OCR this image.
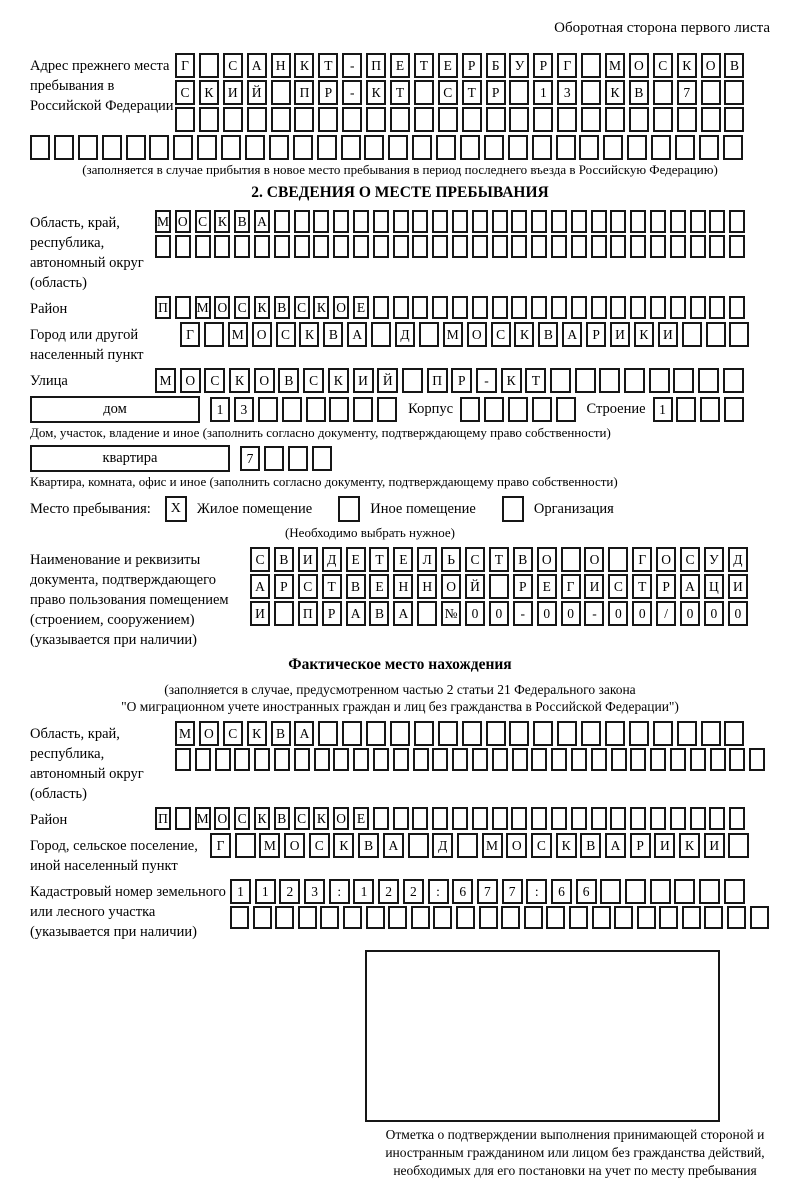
Оборотная сторона первого листа
Адрес прежнего места пребывания в Российской Федерации
Г	С	А	Н	К	Т	-	П	Е	Т	Е	Р	Б	У	Р	Г	М О	С	К	О	В
С	К	И	Й	П	Р	-	К	Т	С	Т	Р	1	3	К	В	7
(заполняется в случае прибытия в новое место пребывания в период последнего въезда в Российскую Федерацию)
2. СВЕДЕНИЯ О МЕСТЕ ПРЕБЫВАНИЯ
Область, край, республика, автономный округ (область)
М О С К В А
Район	П М О С К В С К О Е
Город или другой населенный пункт
Г	М О	С	К	В	А	Д	М О	С	К	В	А	Р	И	К	И
Улица	М	О	С	К	О	В	С	К	И	Й	П	Р	-	К	Т
дом	1	3	Корпус	Строение	1
Дом, участок, владение и иное (заполнить согласно документу, подтверждающему право собственности)
квартира	7
Квартира, комната, офис и иное (заполнить согласно документу, подтверждающему право собственности)
Место пребывания:	X	Жилое помещение	Иное помещение	Организация
(Необходимо выбрать нужное)
Наименование и реквизиты документа, подтверждающего право пользования помещением (строением, сооружением) (указывается при наличии)
С	В	И	Д	Е	Т	Е	Л	Ь	С	Т	В	О	О	Г	О	С	У	Д
А	Р	С	Т	В	Е	Н	Н	О	Й	Р	Е	Г	И	С	Т	Р	А	Ц	И
И	П	Р	А	В	А	№	0	0	-	0	0	-	0	0	/	0	0	0
Фактическое место нахождения
(заполняется в случае, предусмотренном частью 2 статьи 21 Федерального закона
"О миграционном учете иностранных граждан и лиц без гражданства в Российской Федерации")
Область, край, республика, автономный округ (область)
М О	С	К	В	А
Район	П М О С К В С К О Е
Город, сельское поселение, иной населенный пункт
Г	М	О	С	К	В	А	Д	М	О	С	К	В	А	Р	И	К	И
Кадастровый номер земельного или лесного участка (указывается при наличии)
1	1	2	3	:	1	2	2	:	6	7	7	:	6	6
Отметка о подтверждении выполнения принимающей стороной и иностранным гражданином или лицом без гражданства действий, необходимых для его постановки на учет по месту пребывания
